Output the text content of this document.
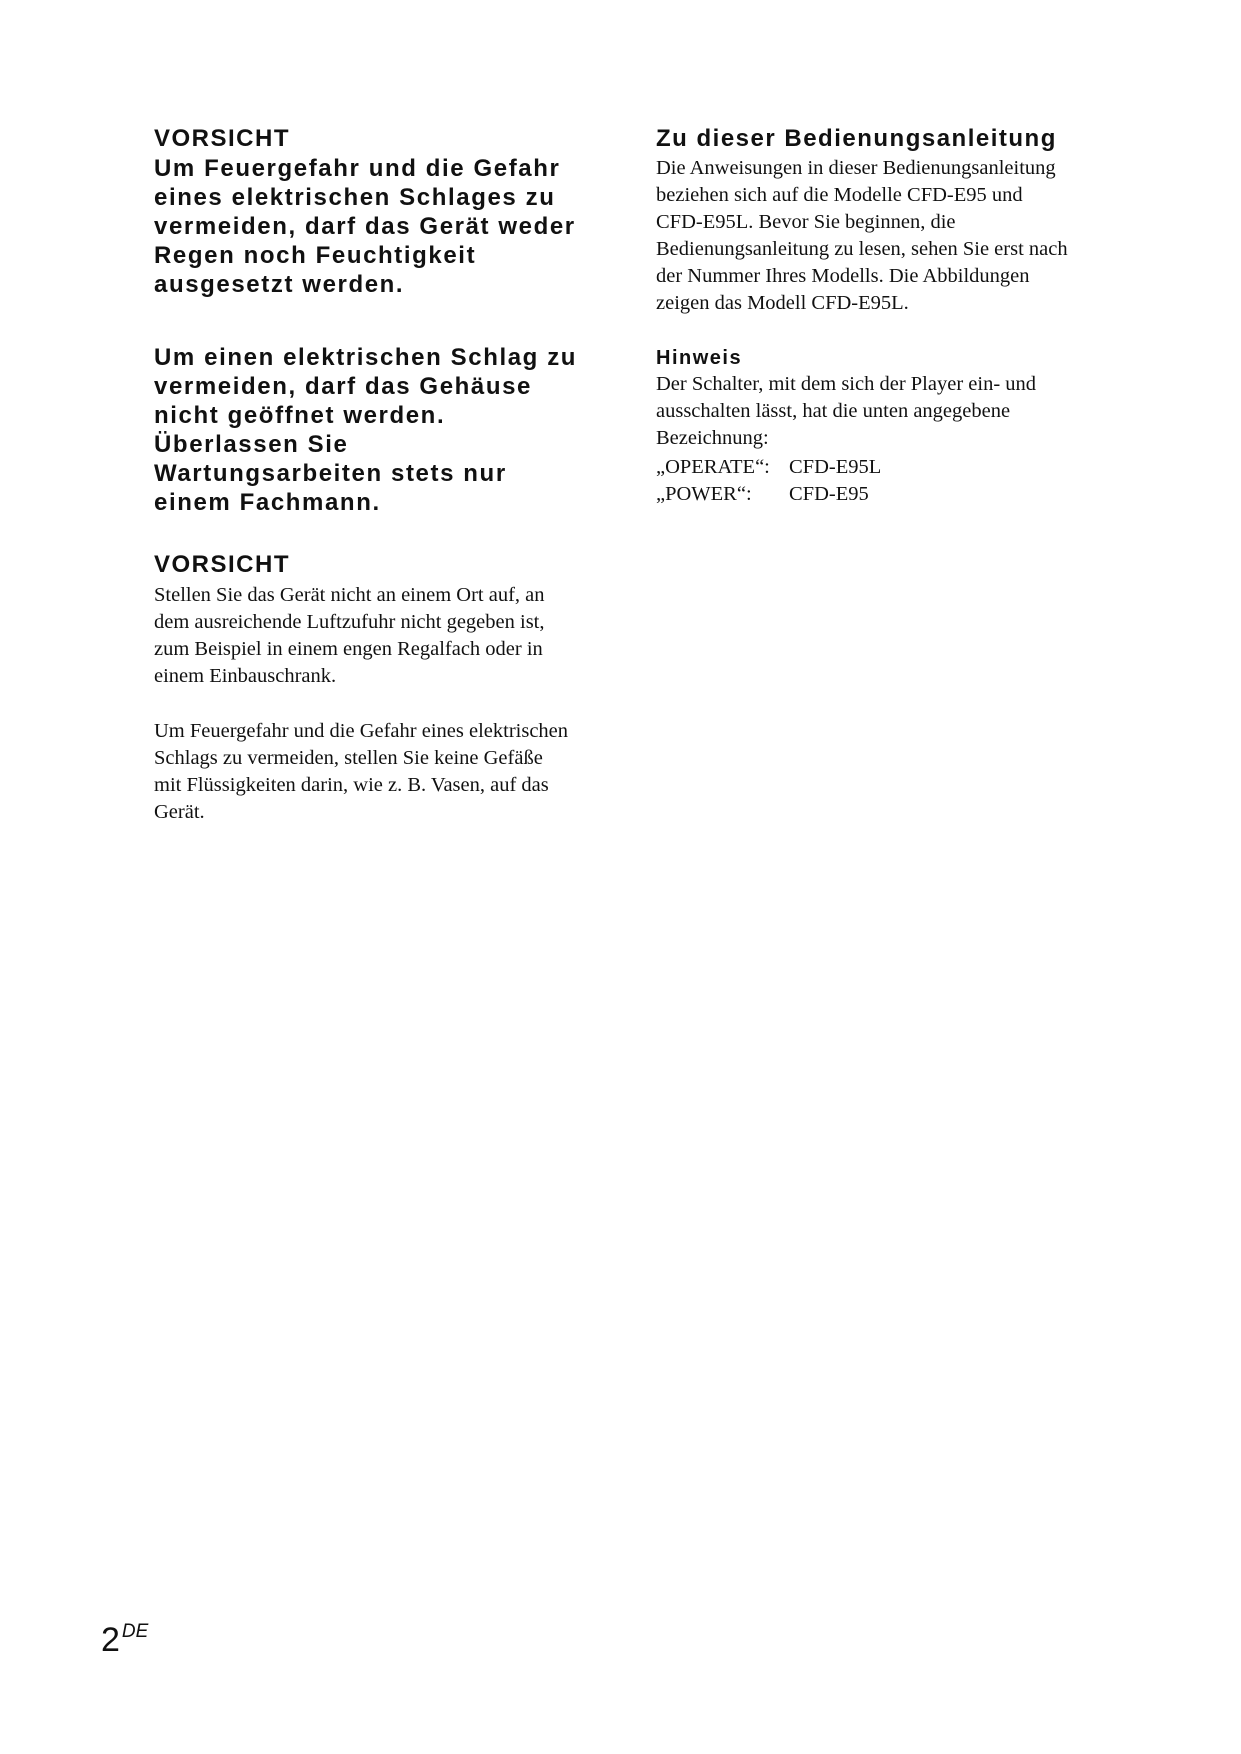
VORSICHT

Um Feuergefahr und die Gefahr

eines elektrischen Schlages zu

vermeiden, darf das Gerät weder

Regen noch Feuchtigkeit

ausgesetzt werden.

Um einen elektrischen Schlag zu

vermeiden, darf das Gehäuse

nicht geöffnet werden.

Überlassen Sie

Wartungsarbeiten stets nur

einem Fachmann.

VORSICHT

Stellen Sie das Gerät nicht an einem Ort auf, an

dem ausreichende Luftzufuhr nicht gegeben ist,

zum Beispiel in einem engen Regalfach oder in

einem Einbauschrank.

Um Feuergefahr und die Gefahr eines elektrischen

Schlags zu vermeiden, stellen Sie keine Gefäße

mit Flüssigkeiten darin, wie z. B. Vasen, auf das

Gerät.

Zu dieser Bedienungsanleitung

Die Anweisungen in dieser Bedienungsanleitung

beziehen sich auf die Modelle CFD-E95 und

CFD-E95L. Bevor Sie beginnen, die

Bedienungsanleitung zu lesen, sehen Sie erst nach

der Nummer Ihres Modells. Die Abbildungen

zeigen das Modell CFD-E95L.

Hinweis

Der Schalter, mit dem sich der Player ein- und

ausschalten lässt, hat die unten angegebene

Bezeichnung:

„OPERATE“: CFD-E95L
„POWER“:	CFD-E95
2 $^{DE}$
